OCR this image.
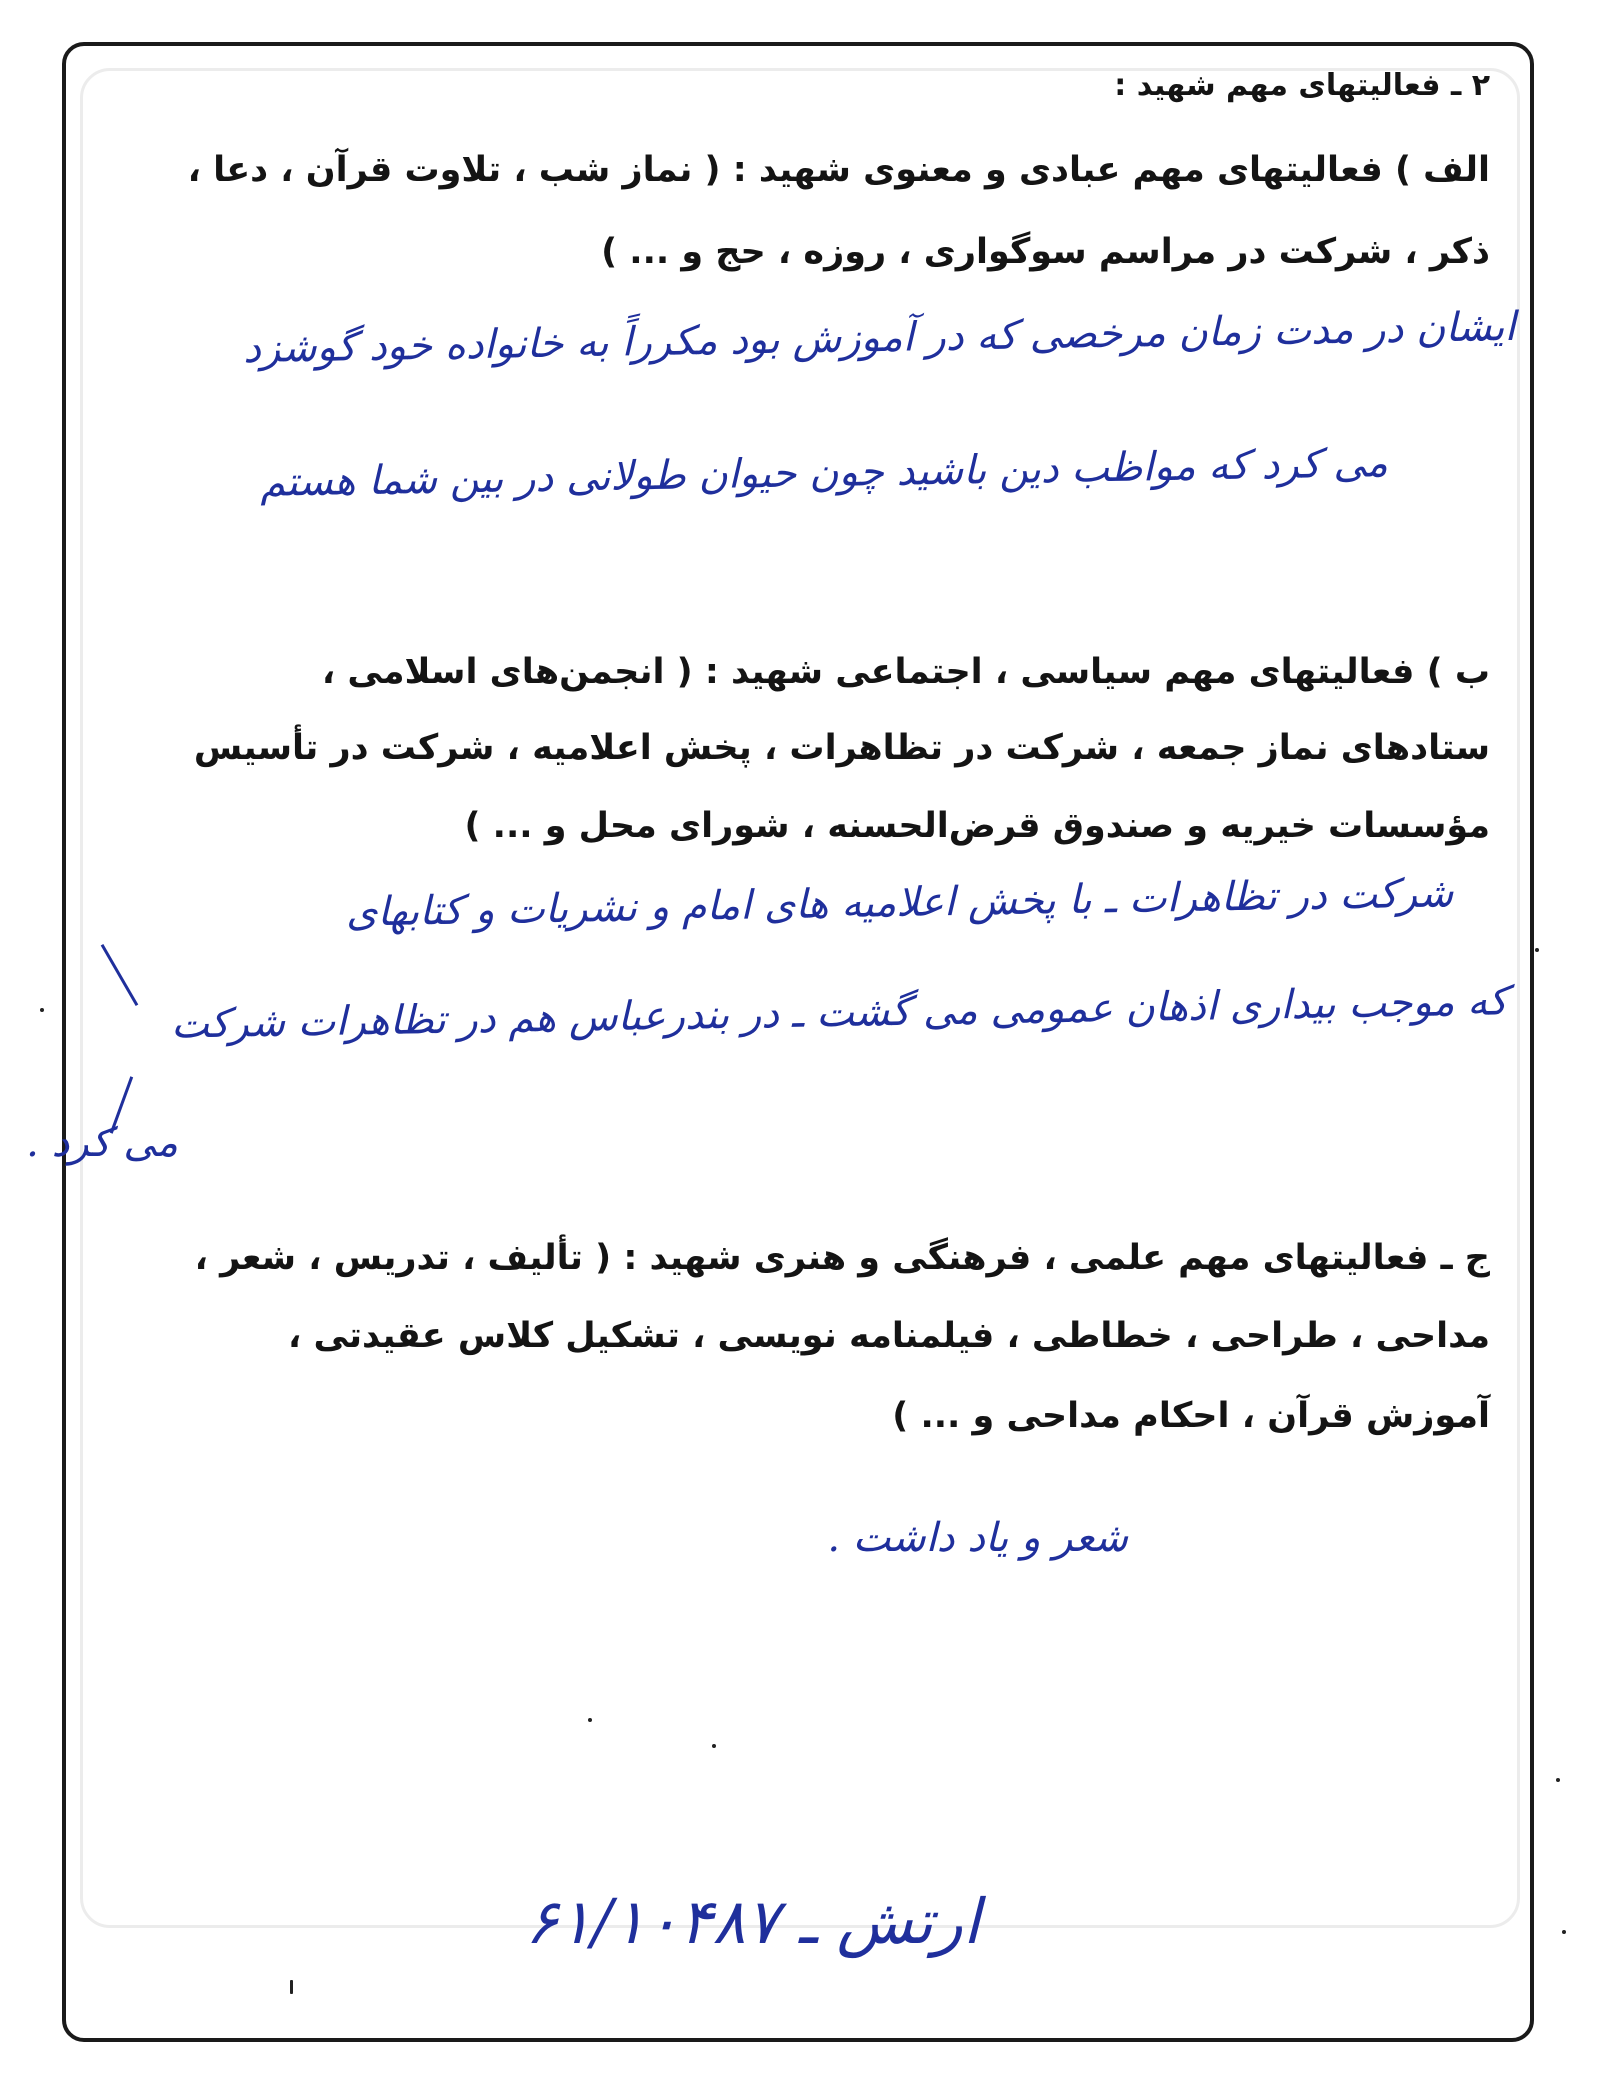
۲ ـ فعالیتهای مهم شهید :
الف ) فعالیتهای مهم عبادی و معنوی شهید : ( نماز شب ، تلاوت قرآن ، دعا ،
ذکر ، شرکت در مراسم سوگواری ، روزه ، حج و ... )
ایشان در مدت زمان مرخصی که در آموزش بود مکرراً به خانواده خود گوشزد
می کرد که مواظب دین باشید چون حیوان طولانی در بین شما هستم
ب ) فعالیتهای مهم سیاسی ، اجتماعی شهید : ( انجمن‌های اسلامی ،
ستادهای نماز جمعه ، شرکت در تظاهرات ، پخش اعلامیه ، شرکت در تأسیس
مؤسسات خیریه و صندوق قرض‌الحسنه ، شورای محل و ... )
شرکت در تظاهرات ـ با پخش اعلامیه های امام و نشریات و کتابهای
که موجب بیداری اذهان عمومی می گشت ـ در بندرعباس هم در تظاهرات شرکت
می کرد .
ج ـ فعالیتهای مهم علمی ، فرهنگی و هنری شهید : ( تألیف ، تدریس ، شعر ،
مداحی ، طراحی ، خطاطی ، فیلمنامه نویسی ، تشکیل کلاس عقیدتی ،
آموزش قرآن ، احکام مداحی و ... )
شعر و یاد داشت .
ارتش ـ ۶۱/۱۰۴۸۷
